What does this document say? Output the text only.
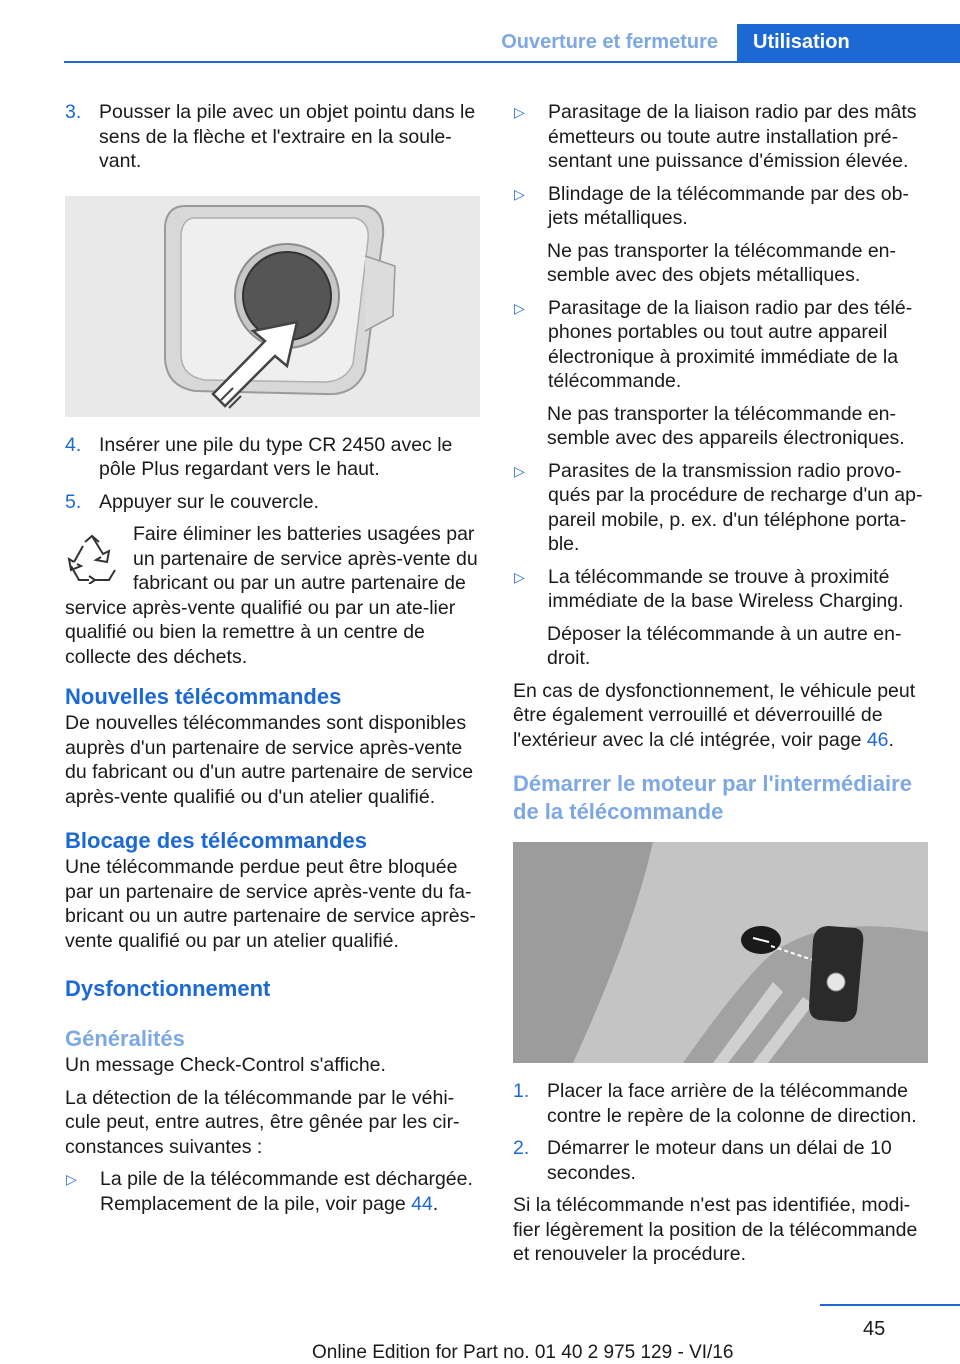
Ouverture et fermeture Utilisation
3. Pousser la pile avec un objet pointu dans le sens de la flèche et l'extraire en la soule‐vant.
4. Insérer une pile du type CR 2450 avec le pôle Plus regardant vers le haut.
5. Appuyer sur le couvercle.
Faire éliminer les batteries usagées par un partenaire de service après-vente du fabricant ou par un autre partenaire de service après-vente qualifié ou par un ate‐lier qualifié ou bien la remettre à un centre de collecte des déchets.
Nouvelles télécommandes
De nouvelles télécommandes sont disponibles auprès d'un partenaire de service après-vente du fabricant ou d'un autre partenaire de service après-vente qualifié ou d'un atelier qualifié.
Blocage des télécommandes
Une télécommande perdue peut être bloquée par un partenaire de service après-vente du fa‐bricant ou un autre partenaire de service après-vente qualifié ou par un atelier qualifié.
Dysfonctionnement
Généralités
Un message Check-Control s'affiche.
La détection de la télécommande par le véhi‐cule peut, entre autres, être gênée par les cir‐constances suivantes :
▷	La pile de la télécommande est déchargée. Remplacement de la pile, voir page 44.
▷	Parasitage de la liaison radio par des mâts émetteurs ou toute autre installation pré‐sentant une puissance d'émission élevée.
▷	Blindage de la télécommande par des ob‐jets métalliques.
Ne pas transporter la télécommande en‐semble avec des objets métalliques.
▷	Parasitage de la liaison radio par des télé‐phones portables ou tout autre appareil électronique à proximité immédiate de la télécommande.
Ne pas transporter la télécommande en‐semble avec des appareils électroniques.
▷	Parasites de la transmission radio provo‐qués par la procédure de recharge d'un ap‐pareil mobile, p. ex. d'un téléphone porta‐ble.
▷	La télécommande se trouve à proximité immédiate de la base Wireless Charging.
Déposer la télécommande à un autre en‐droit.
En cas de dysfonctionnement, le véhicule peut être également verrouillé et déverrouillé de l'extérieur avec la clé intégrée, voir page 46.
Démarrer le moteur par l'intermédiaire de la télécommande
1. Placer la face arrière de la télécommande contre le repère de la colonne de direction.
2. Démarrer le moteur dans un délai de 10 secondes.
Si la télécommande n'est pas identifiée, modi‐fier légèrement la position de la télécommande et renouveler la procédure.
45
Online Edition for Part no. 01 40 2 975 129 - VI/16
